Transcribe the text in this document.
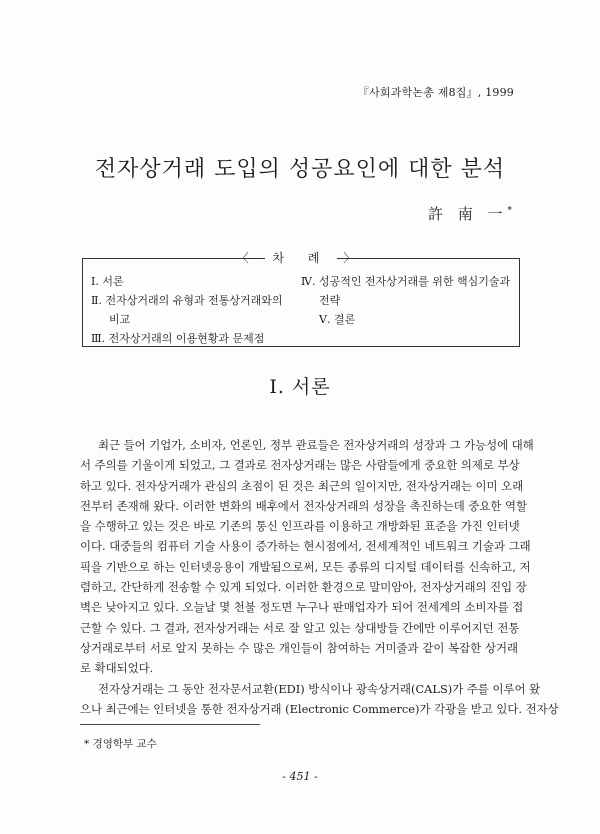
『사회과학논총 제8집』, 1999
전자상거래 도입의 성공요인에 대한 분석
許 南 一*
〈 차 례 〉
Ⅰ. 서론
Ⅱ. 전자상거래의 유형과 전통상거래와의
비교
Ⅲ. 전자상거래의 이용현황과 문제점
Ⅳ. 성공적인 전자상거래를 위한 핵심기술과
전략
Ⅴ. 결론
Ⅰ. 서론
최근 들어 기업가, 소비자, 언론인, 정부 관료들은 전자상거래의 성장과 그 가능성에 대해
서 주의를 기울이게 되었고, 그 결과로 전자상거래는 많은 사람들에게 중요한 의제로 부상
하고 있다. 전자상거래가 관심의 초점이 된 것은 최근의 일이지만, 전자상거래는 이미 오래
전부터 존재해 왔다. 이러한 변화의 배후에서 전자상거래의 성장을 촉진하는데 중요한 역할
을 수행하고 있는 것은 바로 기존의 통신 인프라를 이용하고 개방화된 표준을 가진 인터넷
이다. 대중들의 컴퓨터 기술 사용이 증가하는 현시점에서, 전세계적인 네트워크 기술과 그래
픽을 기반으로 하는 인터넷응용이 개발됨으로써, 모든 종류의 디지털 데이터를 신속하고, 저
렴하고, 간단하게 전송할 수 있게 되었다. 이러한 환경으로 말미암아, 전자상거래의 진입 장
벽은 낮아지고 있다. 오늘날 몇 천불 정도면 누구나 판매업자가 되어 전세계의 소비자를 접
근할 수 있다. 그 결과, 전자상거래는 서로 잘 알고 있는 상대방들 간에만 이루어지던 전통
상거래로부터 서로 알지 못하는 수 많은 개인들이 참여하는 거미줄과 같이 복잡한 상거래
로 확대되었다.
전자상거래는 그 동안 전자문서교환(EDI) 방식이나 광속상거래(CALS)가 주를 이루어 왔
으나 최근에는 인터넷을 통한 전자상거래 (Electronic Commerce)가 각광을 받고 있다. 전자상
* 경영학부 교수
- 451 -
